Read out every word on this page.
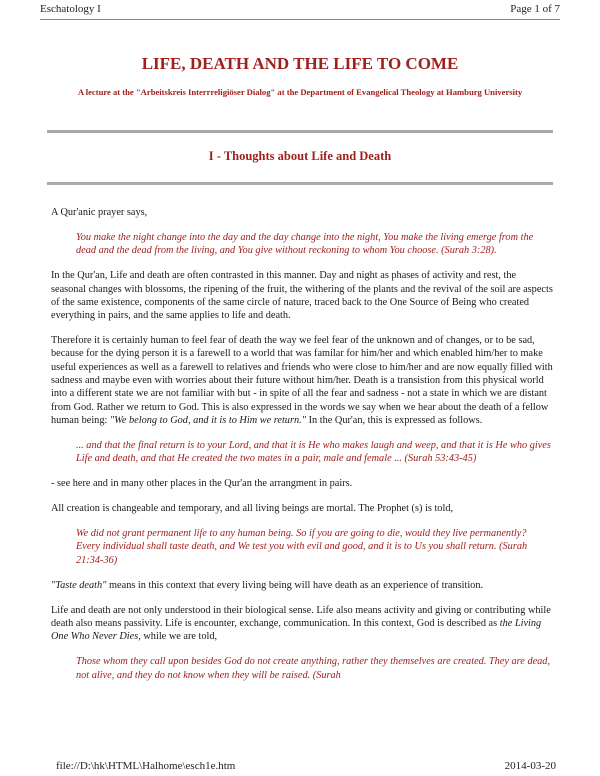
Eschatology I	Page 1 of 7
LIFE, DEATH AND THE LIFE TO COME
A lecture at the "Arbeitskreis Interrreligiöser Dialog" at the Department of Evangelical Theology at Hamburg University
I - Thoughts about Life and Death

A Qur'anic prayer says,

You make the night change into the day and the day change into the night, You make the living emerge from the dead and the dead from the living, and You give without reckoning to whom You choose. (Surah 3:28).

In the Qur'an, Life and death are often contrasted in this manner. Day and night as phases of activity and rest, the seasonal changes with blossoms, the ripening of the fruit, the withering of the plants and the revival of the soil are aspects of the same existence, components of the same circle of nature, traced back to the One Source of Being who created everything in pairs, and the same applies to life and death.

Therefore it is certainly human to feel fear of death the way we feel fear of the unknown and of changes, or to be sad, because for the dying person it is a farewell to a world that was familar for him/her and which enabled him/her to make useful experiences as well as a farewell to relatives and friends who were close to him/her and are now equally filled with sadness and maybe even with worries about their future without him/her. Death is a transistion from this physical world into a different state we are not familiar with but - in spite of all the fear and sadness - not a state in which we are distant from God. Rather we return to God. This is also expressed in the words we say when we hear about the death of a fellow human being: "We belong to God, and it is to Him we return." In the Qur'an, this is expressed as follows.

... and that the final return is to your Lord, and that it is He who makes laugh and weep, and that it is He who gives Life and death, and that He created the two mates in a pair, male and female ... (Surah 53:43-45)

- see here and in many other places in the Qur'an the arrangment in pairs.

All creation is changeable and temporary, and all living beings are mortal. The Prophet (s) is told,

We did not grant permanent life to any human being. So if you are going to die, would they live permanently? Every individual shall taste death, and We test you with evil and good, and it is to Us you shall return. (Surah 21:34-36)

"Taste death" means in this context that every living being will have death as an experience of transition.

Life and death are not only understood in their biological sense. Life also means activity and giving or contributing while death also means passivity. Life is encounter, exchange, communication. In this context, God is described as the Living One Who Never Dies, while we are told,

Those whom they call upon besides God do not create anything, rather they themselves are created. They are dead, not alive, and they do not know when they will be raised. (Surah

file://D:\hk\HTML\Halhome\esch1e.htm	2014-03-20
